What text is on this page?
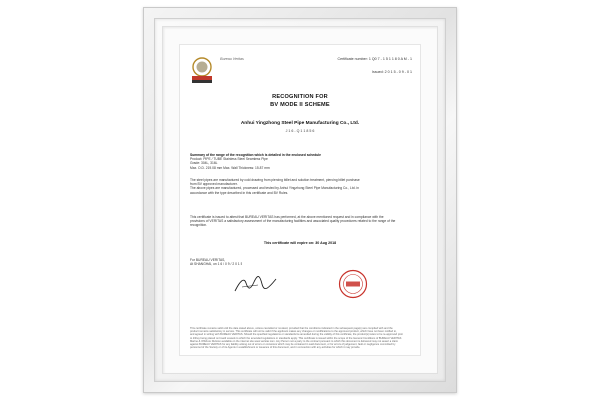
Bureau Veritas	Certificate number: 1 Q0 7 - 1 5 1 1 8 0 A M - 1
Issued: 2 0 1 5 - 0 9 - 0 1
RECOGNITION FOR
BV MODE II SCHEME
Anhui Yingzhong Steel Pipe Manufacturing Co., Ltd.
J 1 6 - Q 1 1 8 5 6
Summary of the range of the recognition which is detailed in the enclosed schedule
Product: PIPE / TUBE Stainless Steel Seamless Pipe
Grade: 304L, 316L
Max. O.D. 219.08 mm Max. Wall Thickness: 15.87 mm
The steel pipes are manufactured by cold drawing from piercing billet and solution treatment, piercing billet purchase
from BV approved manufacturer.
The above pipes are manufactured, processed and tested by Anhui Yingzhong Steel Pipe Manufacturing Co., Ltd. in
accordance with the type described in this certificate and BV Rules.
This certificate is issued to attest that BUREAU VERITAS has performed, at the above mentioned request and in compliance with the
provisions of VERITAS a satisfactory assessment of the manufacturing facilities and associated quality procedures related to the range of the
recognition.
This certificate will expire on: 30 Aug 2018
For BUREAU VERITAS,
At SHANGHAI, on 1 6 / 0 9 / 2 0 1 5
This certificate remains valid until the date stated above, unless cancelled or revoked, provided that the conditions indicated in the subsequent page(s) are complied with and the
product remains satisfactory in service. This certificate will not be valid if the applicant makes any changes or modifications to the approved product, which have not been notified to,
and agreed in writing with BUREAU VERITAS. Should the specified regulations or standards be amended during the validity of this certificate, the product(s) is/are to be re-approved prior
to it/they being placed on board vessels to which the amended regulations or standards apply. This certificate is issued within the scope of the General Conditions of BUREAU VERITAS
Marine & Offshore Division available on the internet site www.veristar.com. Any Person not a party to the contract pursuant to which this document is delivered may not assert a claim
against BUREAU VERITAS for any liability arising out of errors or omissions which may be contained in said document, or for errors of judgement, fault or negligence committed by
personnel of the Society or of its Agents in establishment or issuance of this document, and in connection with any activities for which it may provide.
